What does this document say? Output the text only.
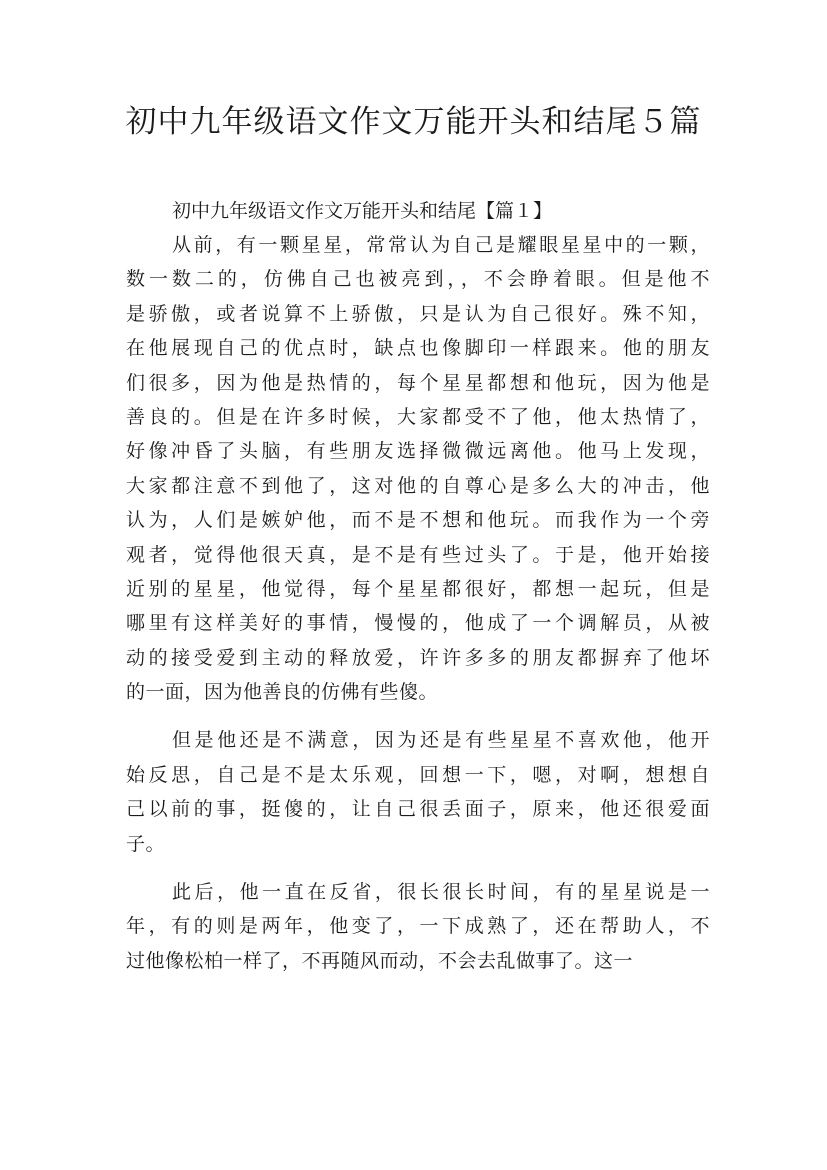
初中九年级语文作文万能开头和结尾５篇

初中九年级语文作文万能开头和结尾【篇１】

从前，有一颗星星，常常认为自己是耀眼星星中的一颗，
数一数二的，仿佛自己也被亮到，，不会睁着眼。但是他不
是骄傲，或者说算不上骄傲，只是认为自己很好。殊不知，
在他展现自己的优点时，缺点也像脚印一样跟来。他的朋友
们很多，因为他是热情的，每个星星都想和他玩，因为他是
善良的。但是在许多时候，大家都受不了他，他太热情了，
好像冲昏了头脑，有些朋友选择微微远离他。他马上发现，
大家都注意不到他了，这对他的自尊心是多么大的冲击，他
认为，人们是嫉妒他，而不是不想和他玩。而我作为一个旁
观者，觉得他很天真，是不是有些过头了。于是，他开始接
近别的星星，他觉得，每个星星都很好，都想一起玩，但是
哪里有这样美好的事情，慢慢的，他成了一个调解员，从被
动的接受爱到主动的释放爱，许许多多的朋友都摒弃了他坏
的一面，因为他善良的仿佛有些傻。
但是他还是不满意，因为还是有些星星不喜欢他，他开
始反思，自己是不是太乐观，回想一下，嗯，对啊，想想自
己以前的事，挺傻的，让自己很丢面子，原来，他还很爱面
子。
此后，他一直在反省，很长很长时间，有的星星说是一
年，有的则是两年，他变了，一下成熟了，还在帮助人，不
过他像松柏一样了，不再随风而动，不会去乱做事了。这一
